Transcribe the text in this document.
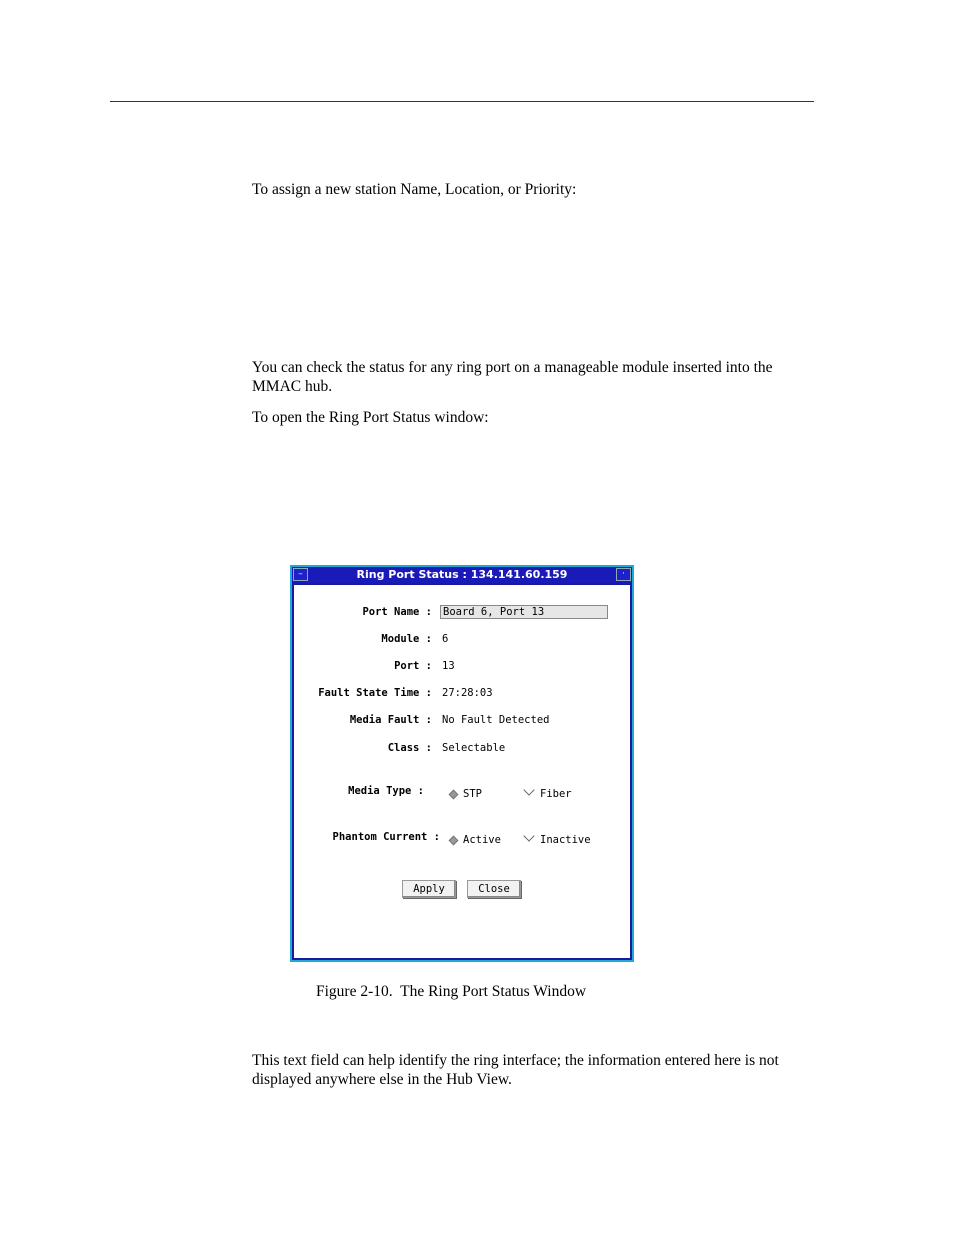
To assign a new station Name, Location, or Priority:

You can check the status for any ring port on a manageable module inserted into the MMAC hub.

To open the Ring Port Status window:

–	Ring Port Status : 134.141.60.159	·
Port Name : Board 6, Port 13
Module : 6
Port : 13
Fault State Time : 27:28:03
Media Fault : No Fault Detected
Class : Selectable
Media Type :	STP	Fiber
Phantom Current : Active	Inactive
Apply	Close
Figure 2-10.  The Ring Port Status Window

This text field can help identify the ring interface; the information entered here is not displayed anywhere else in the Hub View.
